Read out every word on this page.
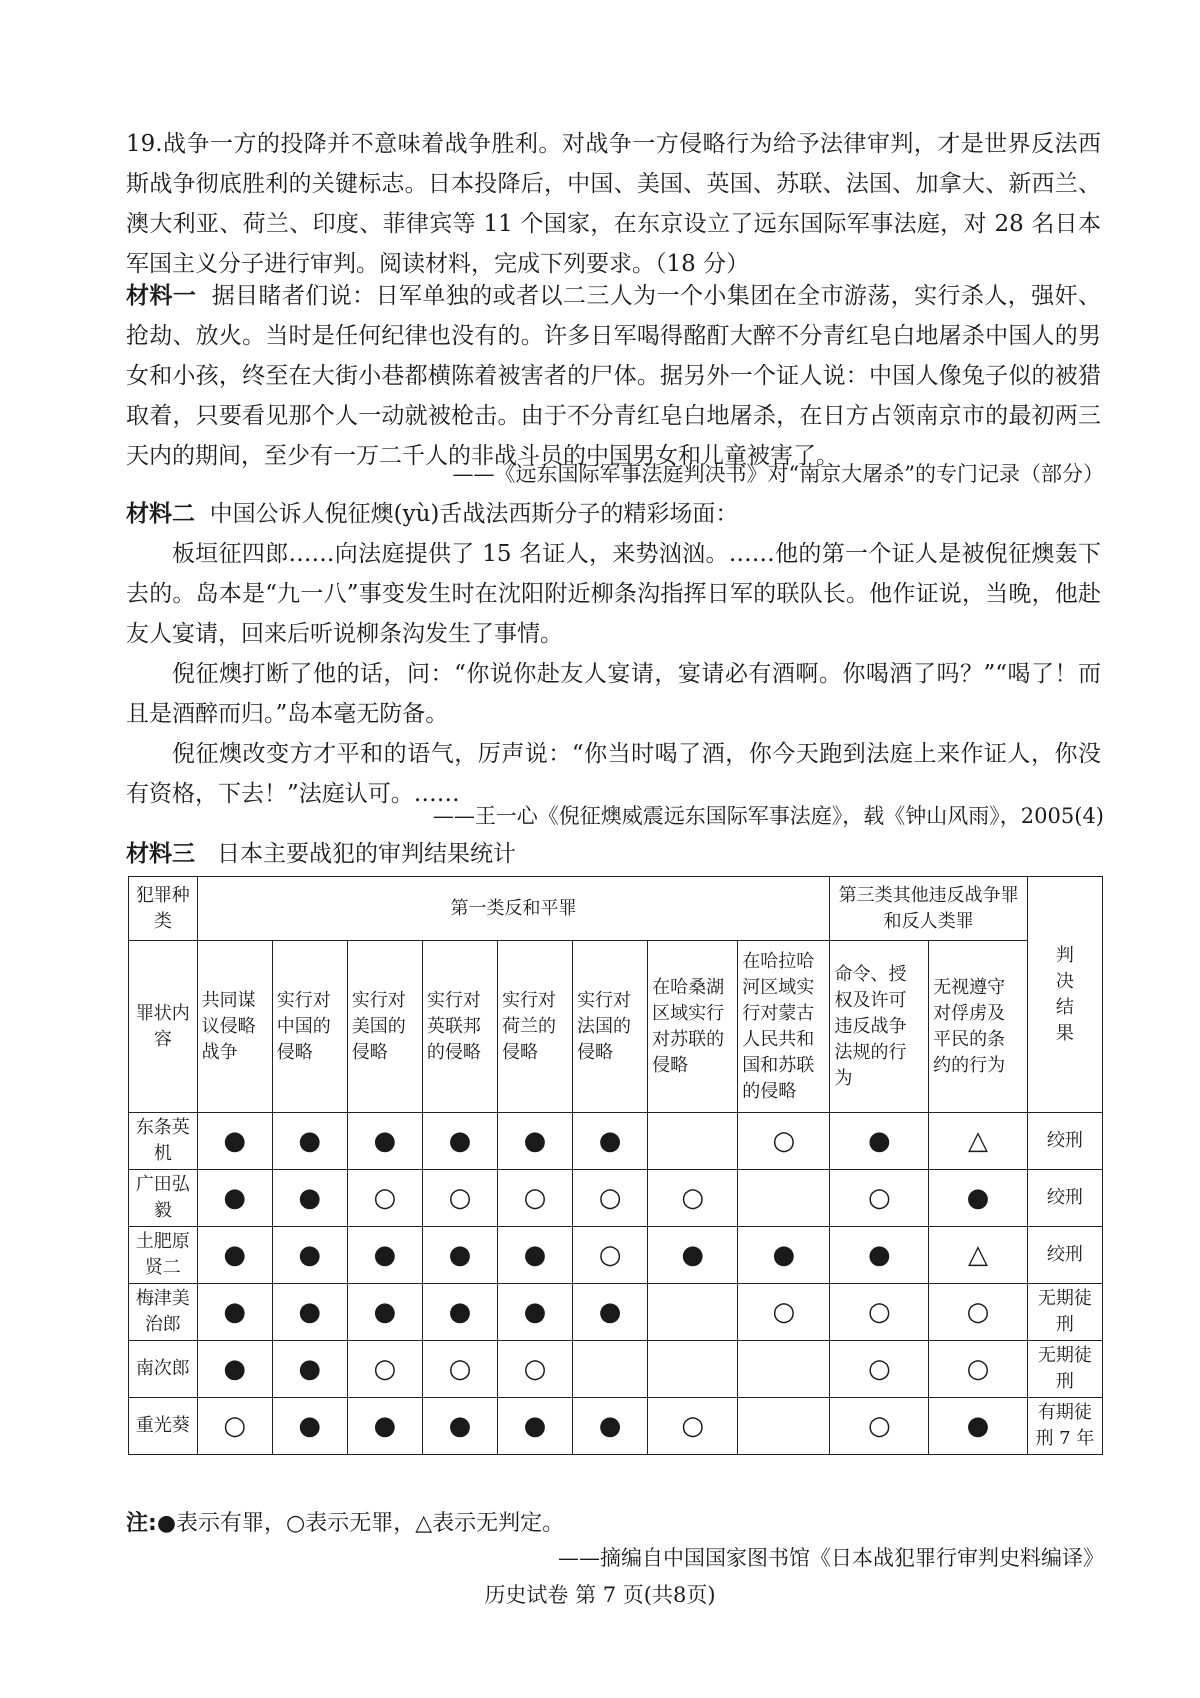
19.战争一方的投降并不意味着战争胜利。对战争一方侵略行为给予法律审判，才是世界反法西斯战争彻底胜利的关键标志。日本投降后，中国、美国、英国、苏联、法国、加拿大、新西兰、澳大利亚、荷兰、印度、菲律宾等 11 个国家，在东京设立了远东国际军事法庭，对 28 名日本军国主义分子进行审判。阅读材料，完成下列要求。（18 分）

材料一 据目睹者们说：日军单独的或者以二三人为一个小集团在全市游荡，实行杀人，强奸、抢劫、放火。当时是任何纪律也没有的。许多日军喝得酩酊大醉不分青红皂白地屠杀中国人的男女和小孩，终至在大街小巷都横陈着被害者的尸体。据另外一个证人说：中国人像兔子似的被猎取着，只要看见那个人一动就被枪击。由于不分青红皂白地屠杀，在日方占领南京市的最初两三天内的期间，至少有一万二千人的非战斗员的中国男女和儿童被害了。

——《远东国际军事法庭判决书》对“南京大屠杀”的专门记录（部分）
材料二 中国公诉人倪征燠(yù)舌战法西斯分子的精彩场面：
板垣征四郎……向法庭提供了 15 名证人，来势汹汹。……他的第一个证人是被倪征燠轰下去的。岛本是“九一八”事变发生时在沈阳附近柳条沟指挥日军的联队长。他作证说，当晚，他赴友人宴请，回来后听说柳条沟发生了事情。
倪征燠打断了他的话，问：“你说你赴友人宴请，宴请必有酒啊。你喝酒了吗？”“喝了！而且是酒醉而归。”岛本毫无防备。
倪征燠改变方才平和的语气，厉声说：“你当时喝了酒，你今天跑到法庭上来作证人，你没有资格，下去！”法庭认可。……
——王一心《倪征燠威震远东国际军事法庭》，载《钟山风雨》，2005(4)
材料三 日本主要战犯的审判结果统计
犯罪种类	第一类反和平罪								第三类其他违反战争罪和反人类罪		判决结果
罪状内容	共同谋议侵略战争	实行对中国的侵略	实行对美国的侵略	实行对英联邦的侵略	实行对荷兰的侵略	实行对法国的侵略	在哈桑湖区域实行对苏联的侵略	在哈拉哈河区域实行对蒙古人民共和国和苏联的侵略	命令、授权及许可违反战争法规的行为	无视遵守对俘虏及平民的条约的行为	
东条英机	●	●	●	●	●	●		○	●	△	绞刑
广田弘毅	●	●	○	○	○	○	○		○	●	绞刑
土肥原贤二	●	●	●	●	●	○	●	●	●	△	绞刑
梅津美治郎	●	●	●	●	●	●		○	○	○	无期徒刑
南次郎	●	●	○	○	○				○	○	无期徒刑
重光葵	○	●	●	●	●	●	○		○	●	有期徒刑 7 年
注:●表示有罪，○表示无罪，△表示无判定。
——摘编自中国国家图书馆《日本战犯罪行审判史料编译》
历史试卷 第 7 页(共8页)
